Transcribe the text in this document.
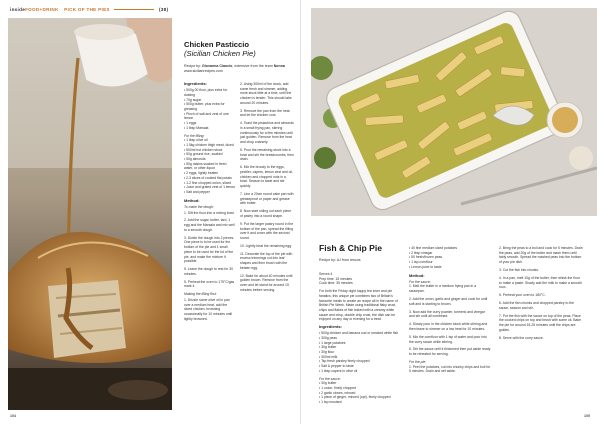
insideFOOD+DRINK PICK OF THE PIES	(38)
Chicken Pasticcio
(Sicilian Chicken Pie)
Recipe by: Giovanna Ciancio, extensive from the team Nonna
www.sicilianrecipes.com
Ingredients:
• 500g 00 flour, plus extra for dusting
• 70g sugar
• 500g butter, plus extra for greasing
• Pinch of salt and zest of one lemon
• 1 eggs
• 1 tbsp Marsala
For the filling:
• 1 tbsp olive oil
• 1.5kg chicken thigh meat, diced
• 500ml hot chicken stock
• 50g ground rice, soaked
• 50g almonds
• 50g raisins soaked in fresh water, or other liquor
• 2 eggs, lightly beaten
• 2-3 slices of cooked flat potato
• 1-2 fine chopped onion, sliced
• Juice and grated zest of 1 lemon
• Salt and pepper
Method:
To make the dough:
1. Sift the flour into a mixing bowl.
2. Add the sugar, butter, lard, 1 egg and the Marsala and mix well to a smooth dough.
3. Divide the dough into 2 pieces. One piece is to be used for the bottom of the pie and 1 small piece to be used for the lid of the pie, and make the mixture if possible.
5. Leave the dough to rest for 30 minutes.
5. Preheat the oven to 175°C/gas mark 4.
Making the filling first:
1. Drizzle some olive oil in pan over a medium heat, add the diced chicken, browning occasionally for 10 minutes until lightly browned.
2. Using 300ml of the stock, add some fresh and simmer, adding more stock little at a time, until the chicken is tender. This should take around 20 minutes.
3. Remove the pan from the heat and let the chicken cool.
4. Toast the pistachios and almonds in a small frying pan, stirring continuously for a few minutes until just golden. Remove from the heat and chop coarsely.
5. Pour the remaining stock into a bowl and stir the breadcrumbs, then drain.
6. Mix the broody to the eggs, pecifier, capers, lemon zest and oil, chicken and chopped nuts in a bowl. Season to taste and stir quickly.
7. Line a 20cm round cake pan with greaseproof or paper and grease with butter.
8. Now start rolling out each piece of pastry into a round shape.
9. Put the larger pastry round in the bottom of the pan, spread the filling over it and cover with the second round.
10. Lightly beat the remaining egg.
11. Decorate the top of the pie with excess trimmings cut into leaf shapes and then brush with the beaten egg.
12. Bake for about 40 minutes until golden brown. Remove from the oven and let stand for around 15 minutes before serving.
104
Fish & Chip Pie
Recipe by: AJ from tescos
Serves 4
Prep time: 15 minutes
Cook time: 35 minutes
For both the Friday night happy tea lover and pie fanatics, this unique pie combines two of Britain's favourite meals to create an recipe all in the name of British Pie Week. Made using traditional flaky crust, chips and flakes of fish baked with a creamy white sauce and crisp, double chip crust, the dish can be enjoyed on any day or evening for a treat.
Ingredients:
• 500g chicken and banana cod or smoked white fish
• 300g peas
• 1 large potatoes
• 30g butter
• 30g flour
• 300ml milk
• Tsp fresh parsley finely chopped
• Salt & pepper to taste
• 1 tbsp capers in olive oil
For the sauce:
• 30g butter
• 1 onion, finely chopped
• 2 garlic cloves, minced
• 1 piece of ginger, minced (opt), finely chopped
• 1 tsp mustard
• 40 fine medium sized potatoes
• 2 tbsp vinegar
• 50 fresh/frozen peas
• 1 tsp cornflour
• Lemon juice to taste
Method:
For the sauce:
1. Melt the butter in a medium frying pan in a saucepan.
2. Add the onion, garlic and ginger and cook for until soft and is starting to brown.
3. Now add the curry powder, turmeric and vinegar and stir until all combined.
4. Slowly pour in the chicken stock while stirring and then leave to simmer on a low heat for 10 minutes.
5. Mix the cornflour with 1 tsp of water and pour into the curry sauce while stirring.
6. Stir the sauce until it thickened then put aside ready to be reheated for serving.
For the pie:
1. Peel the potatoes, cut into chunky chips and boil for 5 minutes. Drain and set aside.
2. Bring the peas to a boil and cook for 5 minutes. Drain the peas, add 20g of the butter and mash them until fairly smooth. Spread the mashed peas into the bottom of your pie dish.
3. Cut the fish into chunks.
4. In a pan, melt 10g of the butter, then whisk the flour to make a paste. Slowly add the milk to make a smooth roux.
5. Preheat your oven to 180°C.
6. Add the fish chunks and chopped parsley to the sauce, season and stir.
7. Put the fish with the sauce on top of the peas. Place the cooked chips on top and brush with some oil. Bake the pie for around 15-25 minutes until the chips are golden.
8. Serve with the curry sauce.
105
